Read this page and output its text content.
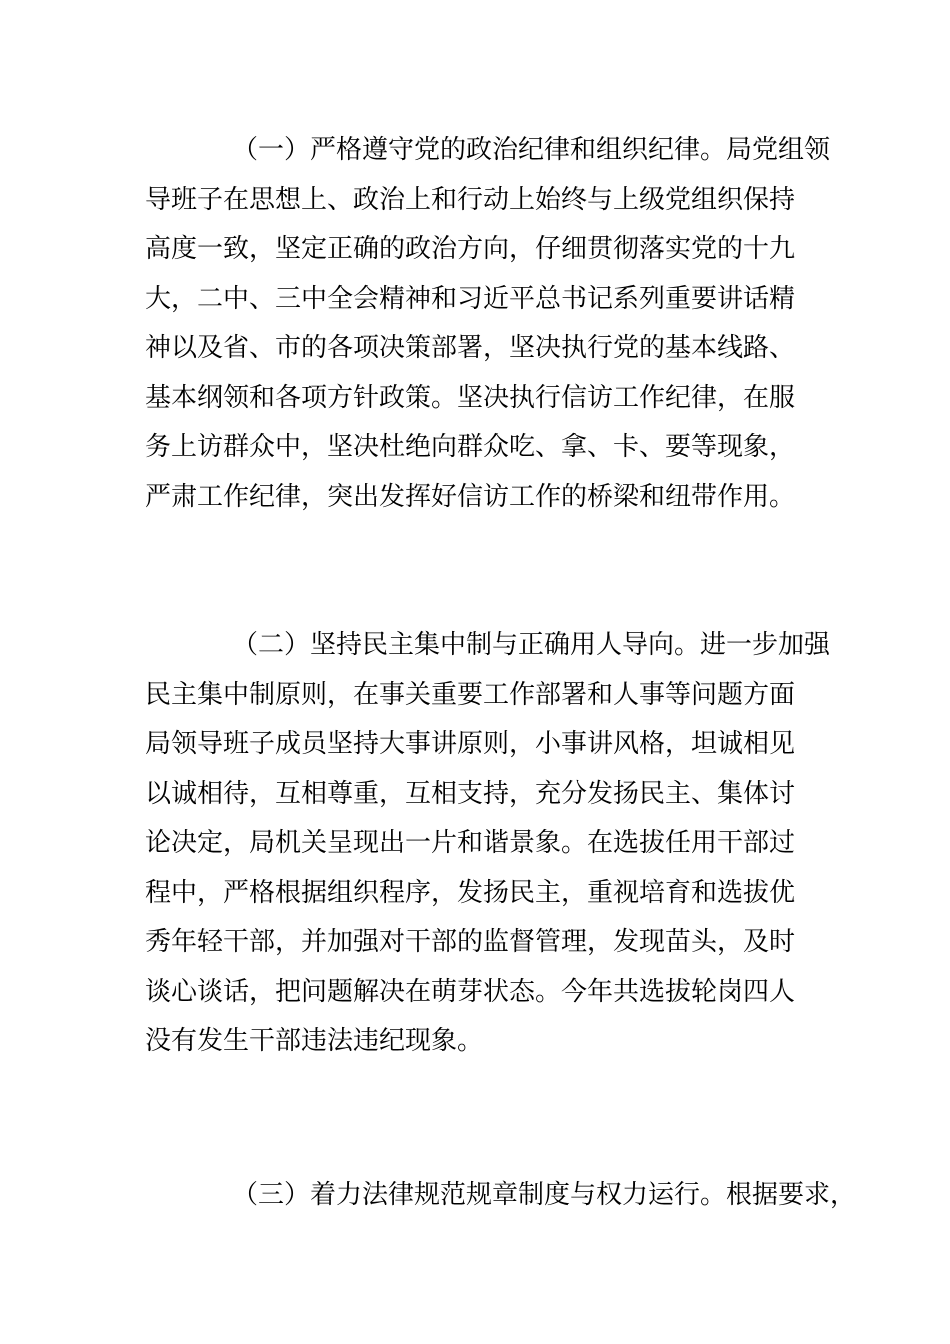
（一）严格遵守党的政治纪律和组织纪律。局党组领
导班子在思想上、政治上和行动上始终与上级党组织保持
高度一致，坚定正确的政治方向，仔细贯彻落实党的十九
大，二中、三中全会精神和习近平总书记系列重要讲话精
神以及省、市的各项决策部署，坚决执行党的基本线路、
基本纲领和各项方针政策。坚决执行信访工作纪律，在服
务上访群众中，坚决杜绝向群众吃、拿、卡、要等现象，
严肃工作纪律，突出发挥好信访工作的桥梁和纽带作用。
（二）坚持民主集中制与正确用人导向。进一步加强
民主集中制原则，在事关重要工作部署和人事等问题方面
局领导班子成员坚持大事讲原则，小事讲风格，坦诚相见
以诚相待，互相尊重，互相支持，充分发扬民主、集体讨
论决定，局机关呈现出一片和谐景象。在选拔任用干部过
程中，严格根据组织程序，发扬民主，重视培育和选拔优
秀年轻干部，并加强对干部的监督管理，发现苗头，及时
谈心谈话，把问题解决在萌芽状态。今年共选拔轮岗四人
没有发生干部违法违纪现象。
（三）着力法律规范规章制度与权力运行。根据要求，
